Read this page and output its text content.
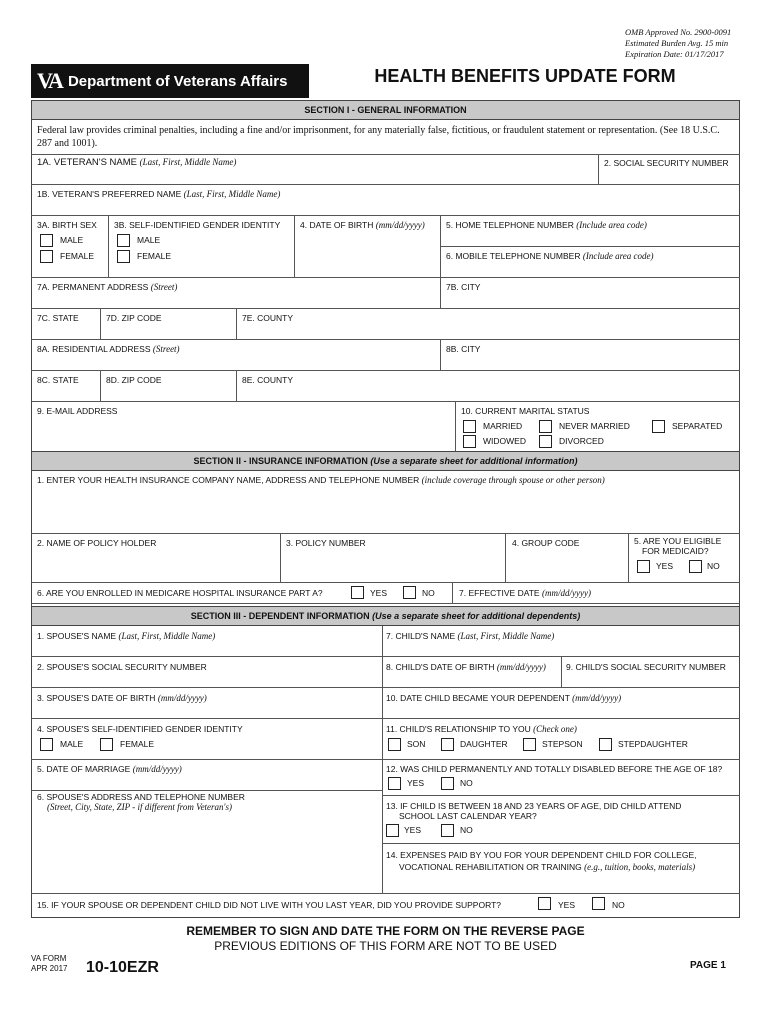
OMB Approved No. 2900-0091
Estimated Burden Avg. 15 min
Expiration Date: 01/17/2017
VA Department of Veterans Affairs	HEALTH BENEFITS UPDATE FORM
SECTION I - GENERAL INFORMATION
Federal law provides criminal penalties, including a fine and/or imprisonment, for any materially false, fictitious, or fraudulent statement or representation. (See 18 U.S.C. 287 and 1001).
1A. VETERAN'S NAME (Last, First, Middle Name)	2. SOCIAL SECURITY NUMBER
1B. VETERAN'S PREFERRED NAME (Last, First, Middle Name)
3A. BIRTH SEX
MALE
FEMALE
3B. SELF-IDENTIFIED GENDER IDENTITY
MALE
FEMALE
4. DATE OF BIRTH (mm/dd/yyyy)	5. HOME TELEPHONE NUMBER (Include area code)
6. MOBILE TELEPHONE NUMBER (Include area code)
7A. PERMANENT ADDRESS (Street)	7B. CITY
7C. STATE	7D. ZIP CODE	7E. COUNTY
8A. RESIDENTIAL ADDRESS (Street)	8B. CITY
8C. STATE	8D. ZIP CODE	8E. COUNTY
9. E-MAIL ADDRESS	10. CURRENT MARITAL STATUS
MARRIED	NEVER MARRIED	SEPARATED
WIDOWED	DIVORCED
SECTION II - INSURANCE INFORMATION (Use a separate sheet for additional information)
1. ENTER YOUR HEALTH INSURANCE COMPANY NAME, ADDRESS AND TELEPHONE NUMBER (include coverage through spouse or other person)
2. NAME OF POLICY HOLDER	3. POLICY NUMBER	4. GROUP CODE	5. ARE YOU ELIGIBLE
FOR MEDICAID?
YES	NO
6. ARE YOU ENROLLED IN MEDICARE HOSPITAL INSURANCE PART A?	YES	NO	7. EFFECTIVE DATE (mm/dd/yyyy)
SECTION III - DEPENDENT INFORMATION (Use a separate sheet for additional dependents)
1. SPOUSE'S NAME (Last, First, Middle Name)	7. CHILD'S NAME (Last, First, Middle Name)
2. SPOUSE'S SOCIAL SECURITY NUMBER	8. CHILD'S DATE OF BIRTH (mm/dd/yyyy) 9. CHILD'S SOCIAL SECURITY NUMBER
3. SPOUSE'S DATE OF BIRTH (mm/dd/yyyy)	10. DATE CHILD BECAME YOUR DEPENDENT (mm/dd/yyyy)
4. SPOUSE'S SELF-IDENTIFIED GENDER IDENTITY
MALE	FEMALE
11. CHILD'S RELATIONSHIP TO YOU (Check one)
SON	DAUGHTER	STEPSON	STEPDAUGHTER
5. DATE OF MARRIAGE (mm/dd/yyyy)	12. WAS CHILD PERMANENTLY AND TOTALLY DISABLED BEFORE THE AGE OF 18?
YES	NO
6. SPOUSE'S ADDRESS AND TELEPHONE NUMBER
(Street, City, State, ZIP - if different from Veteran's)	13. IF CHILD IS BETWEEN 18 AND 23 YEARS OF AGE, DID CHILD ATTEND
SCHOOL LAST CALENDAR YEAR?
YES	NO
14. EXPENSES PAID BY YOU FOR YOUR DEPENDENT CHILD FOR COLLEGE,
VOCATIONAL REHABILITATION OR TRAINING (e.g., tuition, books, materials)
15. IF YOUR SPOUSE OR DEPENDENT CHILD DID NOT LIVE WITH YOU LAST YEAR, DID YOU PROVIDE SUPPORT?	YES	NO
REMEMBER TO SIGN AND DATE THE FORM ON THE REVERSE PAGE
PREVIOUS EDITIONS OF THIS FORM ARE NOT TO BE USED
VA FORM
APR 2017 10-10EZR	PAGE 1
